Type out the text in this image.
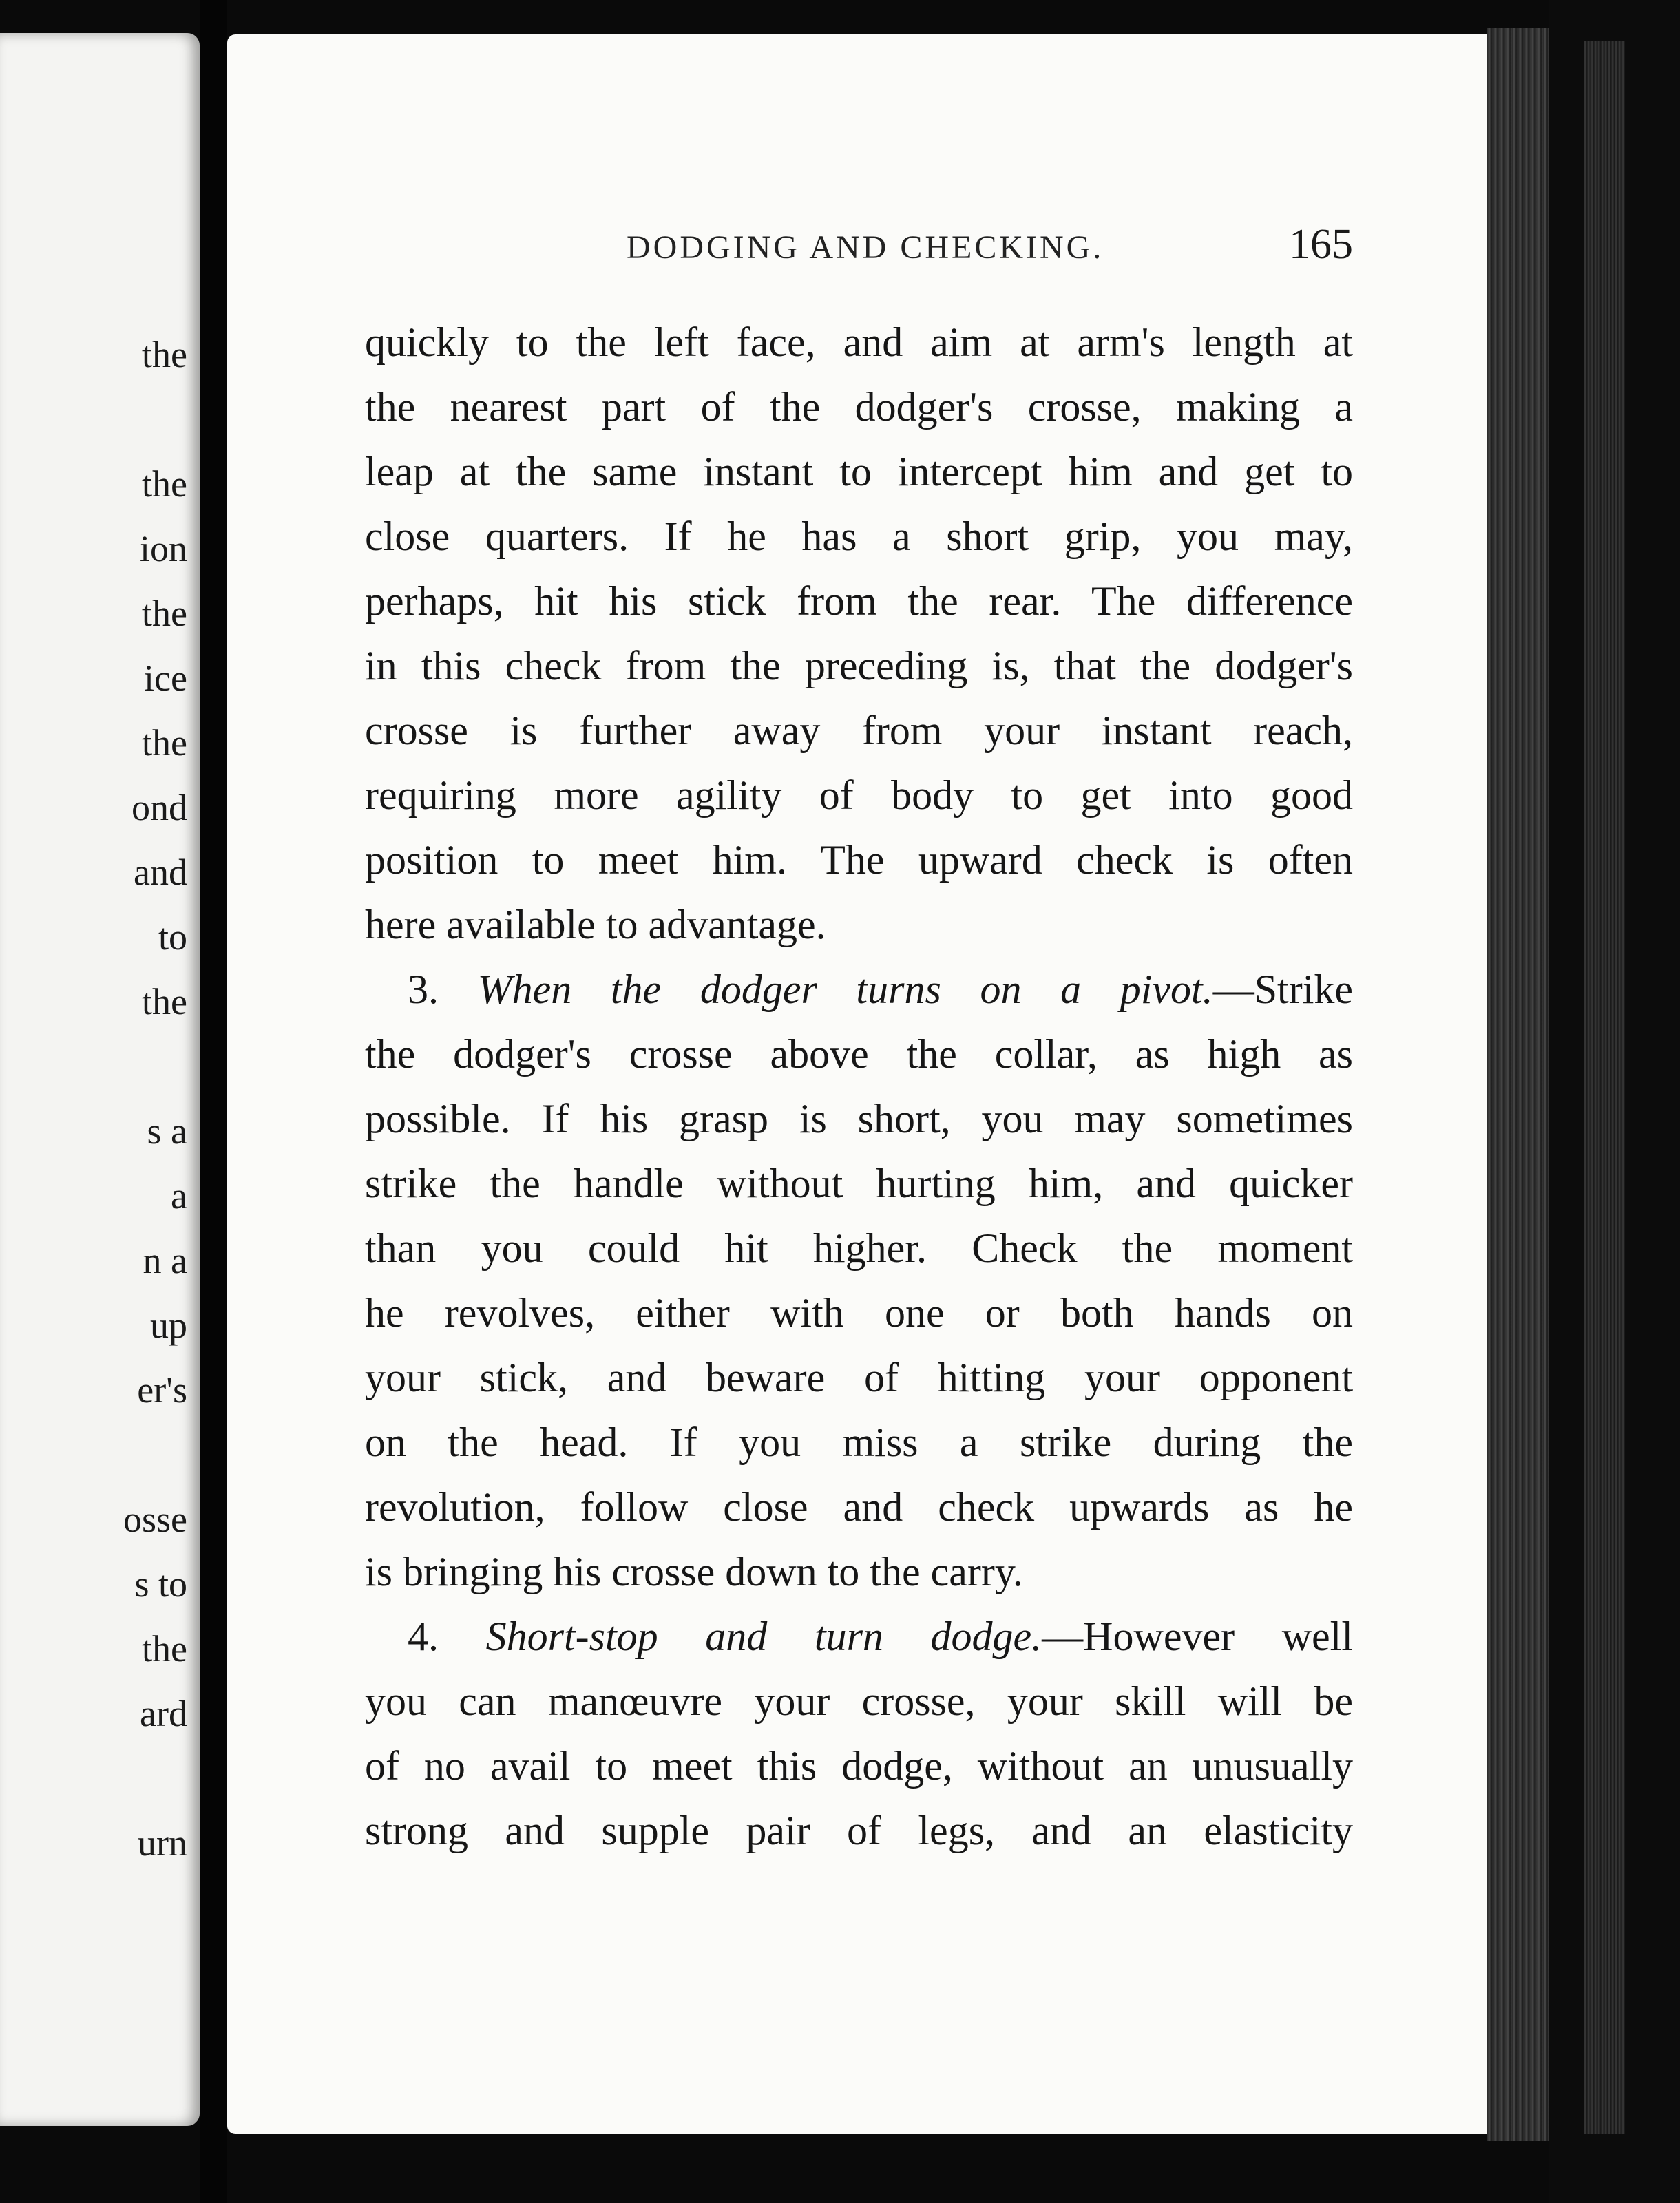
the

the

ion

the

ice

the

ond

and

to

the

s a

a

n a

up

er's

osse

s to

the

ard

urn

DODGING AND CHECKING.	165

quickly to the left face, and aim at arm's length at

the nearest part of the dodger's crosse, making a

leap at the same instant to intercept him and get to

close quarters. If he has a short grip, you may,

perhaps, hit his stick from the rear. The difference

in this check from the preceding is, that the dodger's

crosse is further away from your instant reach,

requiring more agility of body to get into good

position to meet him. The upward check is often

here available to advantage.

3. When the dodger turns on a pivot.—Strike

the dodger's crosse above the collar, as high as

possible. If his grasp is short, you may sometimes

strike the handle without hurting him, and quicker

than you could hit higher. Check the moment

he revolves, either with one or both hands on

your stick, and beware of hitting your opponent

on the head. If you miss a strike during the

revolution, follow close and check upwards as he

is bringing his crosse down to the carry.

4. Short-stop and turn dodge.—However well

you can manœuvre your crosse, your skill will be

of no avail to meet this dodge, without an unusually

strong and supple pair of legs, and an elasticity
